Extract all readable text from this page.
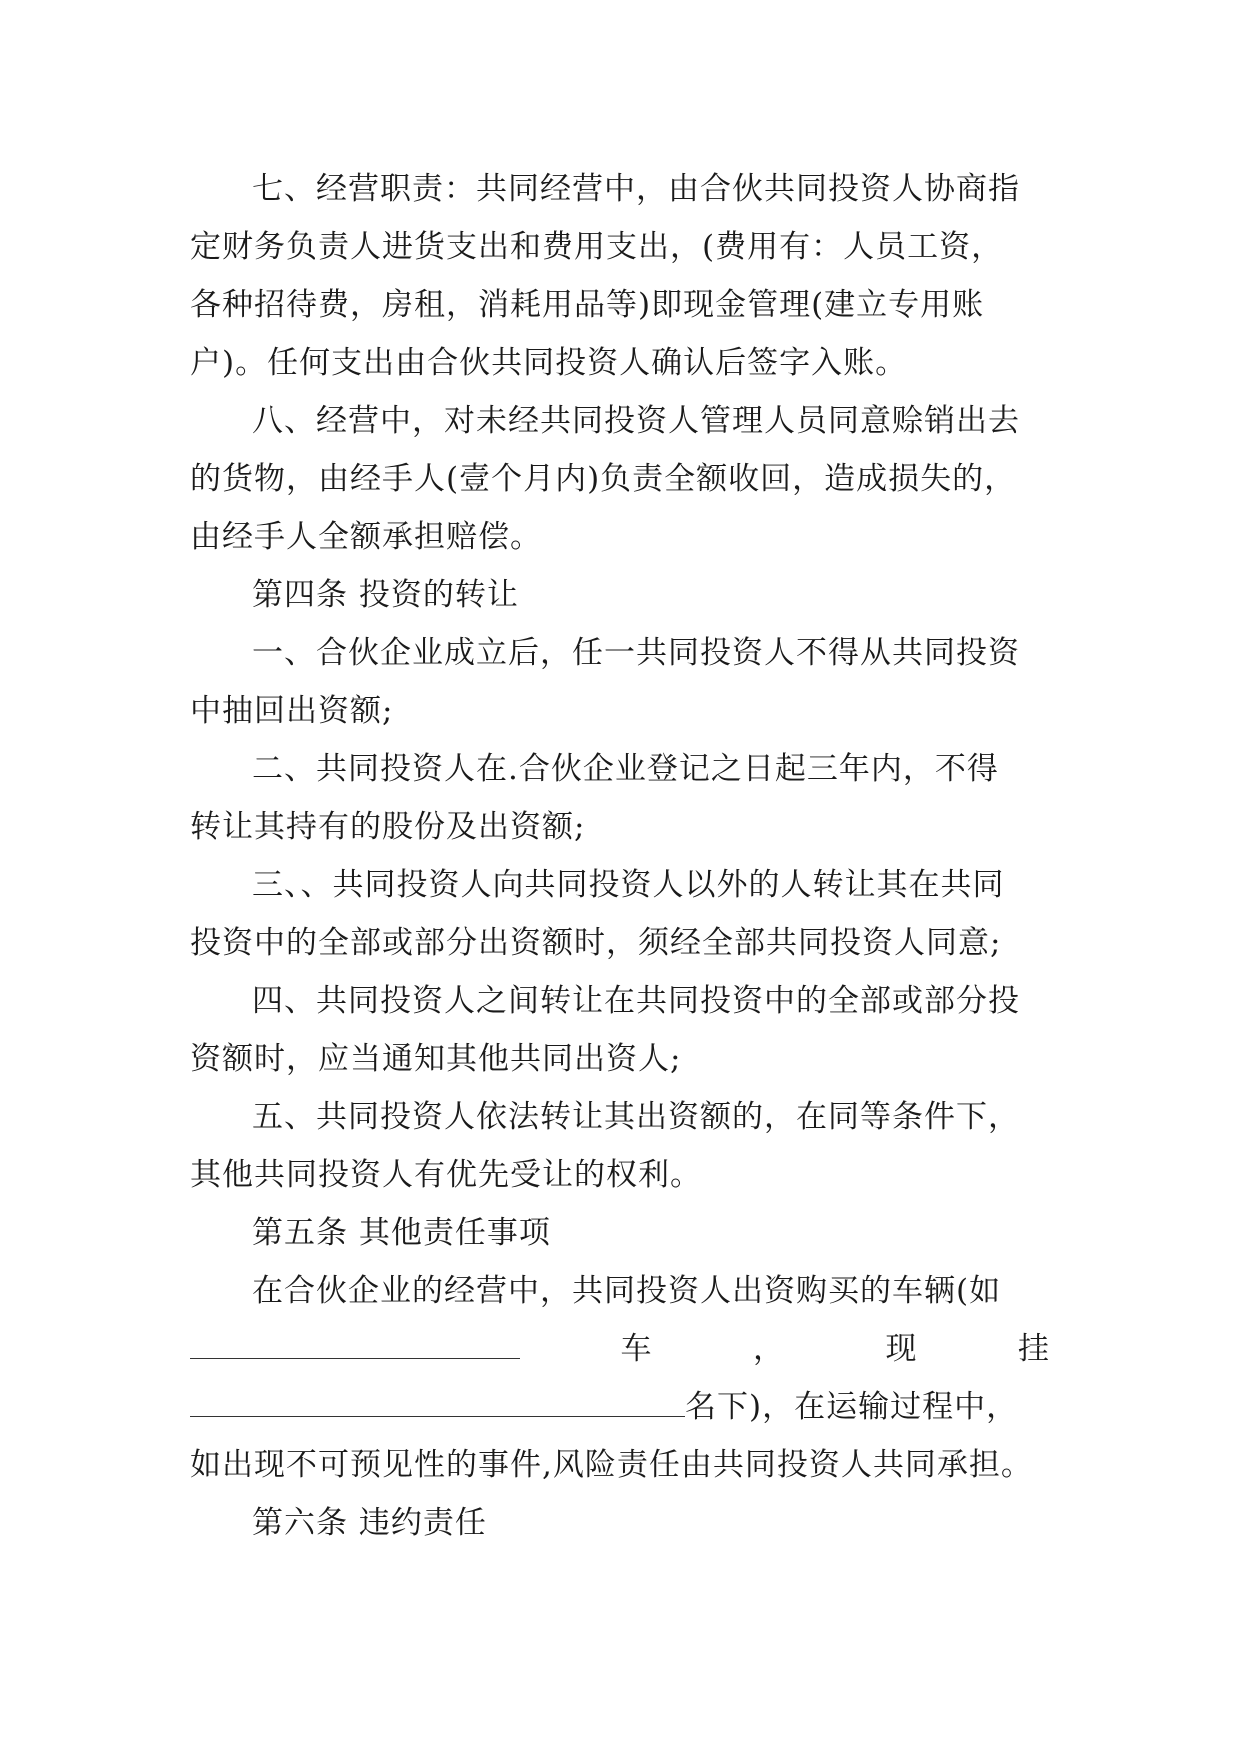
七、经营职责：共同经营中，由合伙共同投资人协商指
定财务负责人进货支出和费用支出，(费用有：人员工资，
各种招待费，房租，消耗用品等)即现金管理(建立专用账
户)。任何支出由合伙共同投资人确认后签字入账。
八、经营中，对未经共同投资人管理人员同意赊销出去
的货物，由经手人(壹个月内)负责全额收回，造成损失的，
由经手人全额承担赔偿。
第四条 投资的转让
一、合伙企业成立后，任一共同投资人不得从共同投资
中抽回出资额;
二、共同投资人在.合伙企业登记之日起三年内，不得
转让其持有的股份及出资额;
三、、共同投资人向共同投资人以外的人转让其在共同
投资中的全部或部分出资额时，须经全部共同投资人同意;
四、共同投资人之间转让在共同投资中的全部或部分投
资额时，应当通知其他共同出资人;
五、共同投资人依法转让其出资额的，在同等条件下，
其他共同投资人有优先受让的权利。
第五条 其他责任事项
在合伙企业的经营中，共同投资人出资购买的车辆(如
车	，	现	挂
名下)，在运输过程中，
如出现不可预见性的事件,风险责任由共同投资人共同承担。
第六条 违约责任
